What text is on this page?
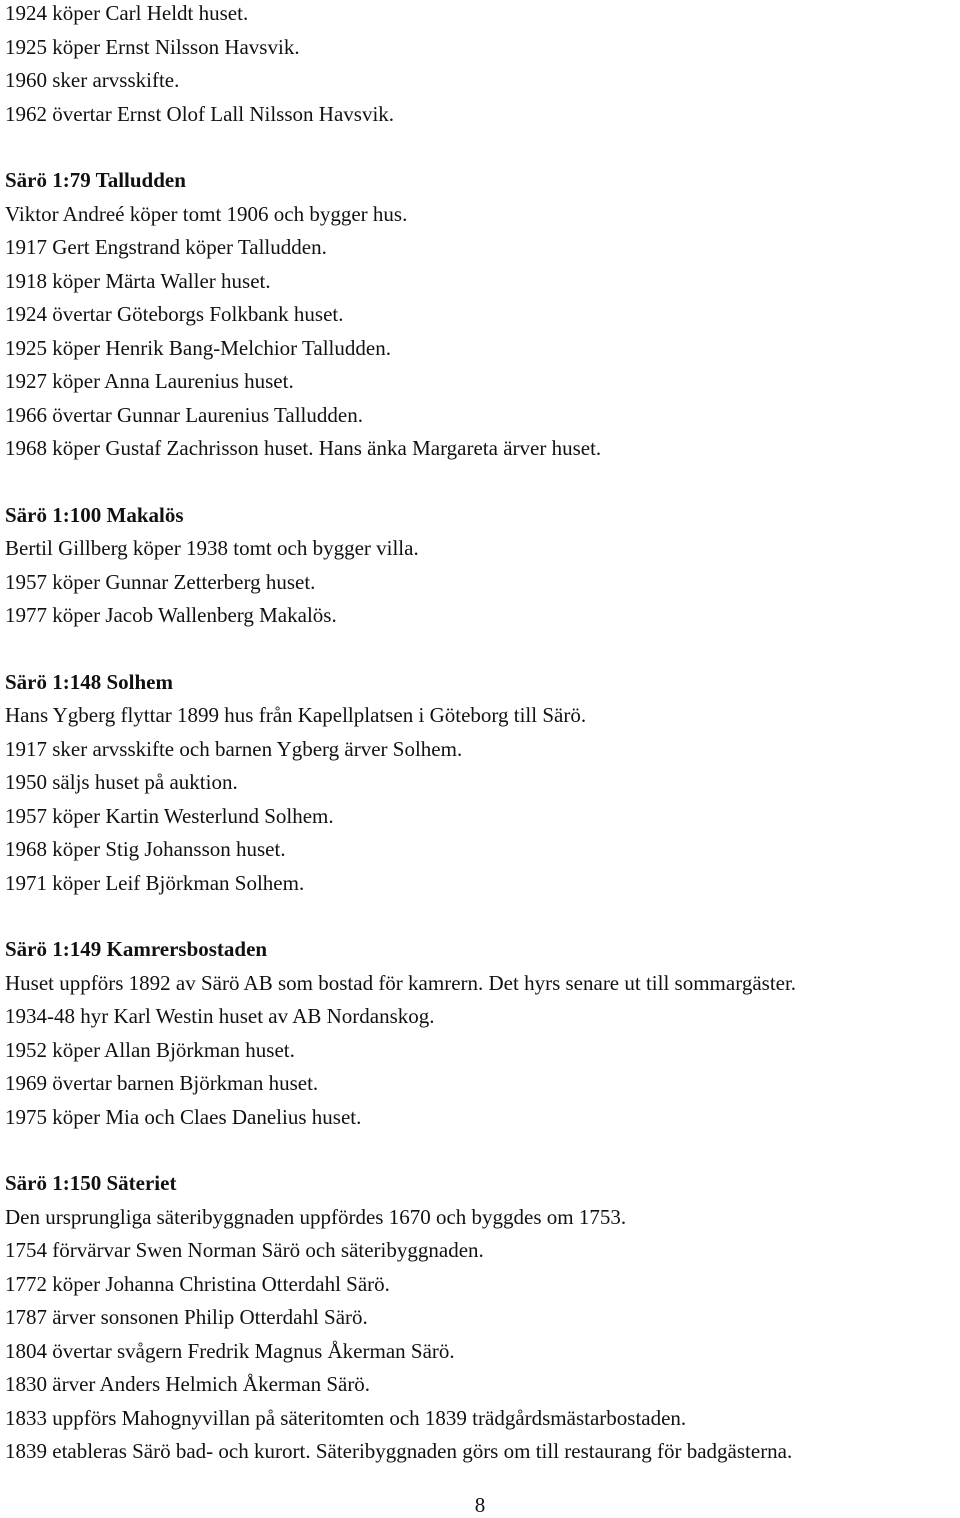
1924 köper Carl Heldt huset.
1925 köper Ernst Nilsson Havsvik.
1960 sker arvsskifte.
1962 övertar Ernst Olof Lall Nilsson Havsvik.
Särö 1:79 Talludden
Viktor Andreé köper tomt 1906 och bygger hus.
1917 Gert Engstrand köper Talludden.
1918 köper Märta Waller huset.
1924 övertar Göteborgs Folkbank huset.
1925 köper Henrik Bang-Melchior Talludden.
1927 köper Anna Laurenius huset.
1966 övertar Gunnar Laurenius Talludden.
1968 köper Gustaf Zachrisson huset. Hans änka Margareta ärver huset.
Särö 1:100 Makalös
Bertil Gillberg köper 1938 tomt och bygger villa.
1957 köper Gunnar Zetterberg huset.
1977 köper Jacob Wallenberg Makalös.
Särö 1:148 Solhem
Hans Ygberg flyttar 1899 hus från Kapellplatsen i Göteborg till Särö.
1917 sker arvsskifte och barnen Ygberg ärver Solhem.
1950 säljs huset på auktion.
1957 köper Kartin Westerlund Solhem.
1968 köper Stig Johansson huset.
1971 köper Leif Björkman Solhem.
Särö 1:149 Kamrersbostaden
Huset uppförs 1892 av Särö AB som bostad för kamrern. Det hyrs senare ut till sommargäster.
1934-48 hyr Karl Westin huset av AB Nordanskog.
1952 köper Allan Björkman huset.
1969 övertar barnen Björkman huset.
1975 köper Mia och Claes Danelius huset.
Särö 1:150 Säteriet
Den ursprungliga säteribyggnaden uppfördes 1670 och byggdes om 1753.
1754 förvärvar Swen Norman Särö och säteribyggnaden.
1772 köper Johanna Christina Otterdahl Särö.
1787 ärver sonsonen Philip Otterdahl Särö.
1804 övertar svågern Fredrik Magnus Åkerman Särö.
1830 ärver Anders Helmich Åkerman Särö.
1833 uppförs Mahognyvillan på säteritomten och 1839 trädgårdsmästarbostaden.
1839 etableras Särö bad- och kurort. Säteribyggnaden görs om till restaurang för badgästerna.
8
